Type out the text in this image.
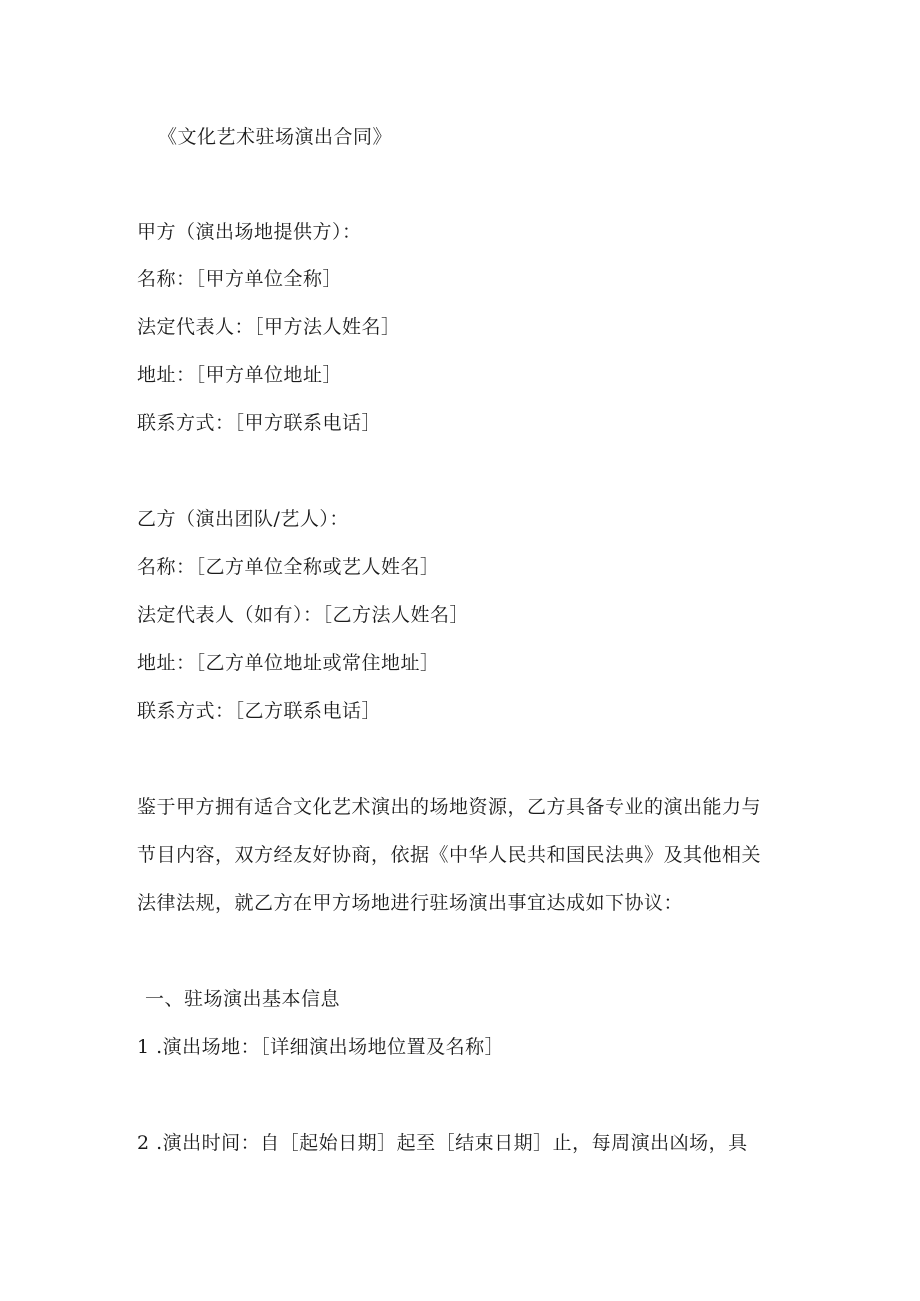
《文化艺术驻场演出合同》
甲方（演出场地提供方）：
名称：［甲方单位全称］
法定代表人：［甲方法人姓名］
地址：［甲方单位地址］
联系方式：［甲方联系电话］
乙方（演出团队/艺人）：
名称：［乙方单位全称或艺人姓名］
法定代表人（如有）：［乙方法人姓名］
地址：［乙方单位地址或常住地址］
联系方式：［乙方联系电话］
鉴于甲方拥有适合文化艺术演出的场地资源，乙方具备专业的演出能力与
节目内容，双方经友好协商，依据《中华人民共和国民法典》及其他相关
法律法规，就乙方在甲方场地进行驻场演出事宜达成如下协议：
一、驻场演出基本信息
1 .演出场地：［详细演出场地位置及名称］
2 .演出时间：自［起始日期］起至［结束日期］止，每周演出凶场，具
